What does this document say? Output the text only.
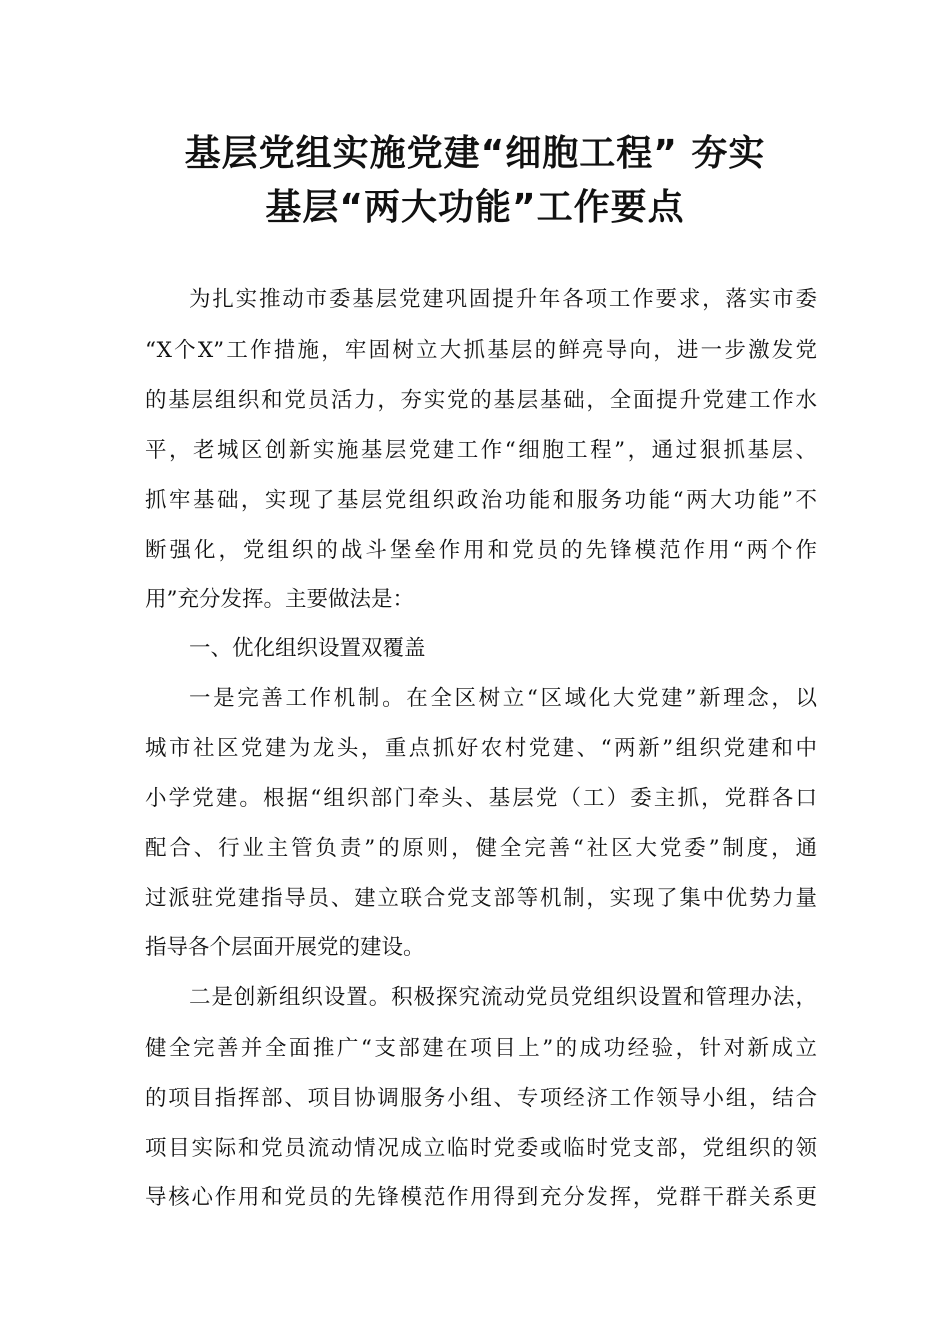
基层党组实施党建“细胞工程” 夯实
基层“两大功能”工作要点
为扎实推动市委基层党建巩固提升年各项工作要求，落实市委
“X个X”工作措施，牢固树立大抓基层的鲜亮导向，进一步激发党
的基层组织和党员活力，夯实党的基层基础，全面提升党建工作水
平，老城区创新实施基层党建工作“细胞工程”，通过狠抓基层、
抓牢基础，实现了基层党组织政治功能和服务功能“两大功能”不
断强化，党组织的战斗堡垒作用和党员的先锋模范作用“两个作
用”充分发挥。主要做法是：
一、优化组织设置双覆盖
一是完善工作机制。在全区树立“区域化大党建”新理念，以
城市社区党建为龙头，重点抓好农村党建、“两新”组织党建和中
小学党建。根据“组织部门牵头、基层党（工）委主抓，党群各口
配合、行业主管负责”的原则，健全完善“社区大党委”制度，通
过派驻党建指导员、建立联合党支部等机制，实现了集中优势力量
指导各个层面开展党的建设。
二是创新组织设置。积极探究流动党员党组织设置和管理办法，
健全完善并全面推广“支部建在项目上”的成功经验，针对新成立
的项目指挥部、项目协调服务小组、专项经济工作领导小组，结合
项目实际和党员流动情况成立临时党委或临时党支部，党组织的领
导核心作用和党员的先锋模范作用得到充分发挥，党群干群关系更
